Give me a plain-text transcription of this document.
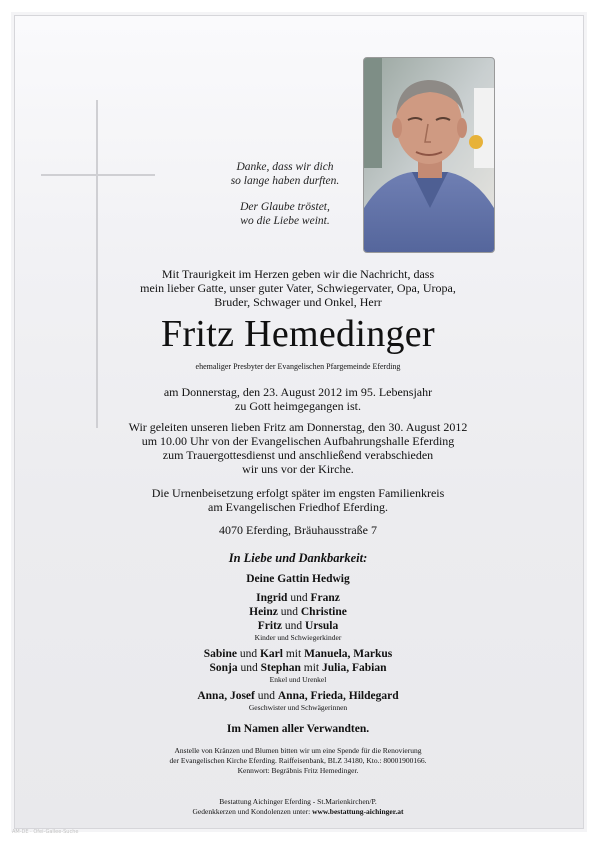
Danke, dass wir dich
so lange haben durften.
Der Glaube tröstet,
wo die Liebe weint.
Mit Traurigkeit im Herzen geben wir die Nachricht, dass
mein lieber Gatte, unser guter Vater, Schwiegervater, Opa, Uropa,
Bruder, Schwager und Onkel, Herr
Fritz Hemedinger
ehemaliger Presbyter der Evangelischen Pfargemeinde Eferding
am Donnerstag, den 23. August 2012 im 95. Lebensjahr
zu Gott heimgegangen ist.
Wir geleiten unseren lieben Fritz am Donnerstag, den 30. August 2012
um 10.00 Uhr von der Evangelischen Aufbahrungshalle Eferding
zum Trauergottesdienst und anschließend verabschieden
wir uns vor der Kirche.
Die Urnenbeisetzung erfolgt später im engsten Familienkreis
am Evangelischen Friedhof Eferding.
4070 Eferding, Bräuhausstraße 7
In Liebe und Dankbarkeit:
Deine Gattin Hedwig
Ingrid und Franz
Heinz und Christine
Fritz und Ursula
Kinder und Schwiegerkinder
Sabine und Karl mit Manuela, Markus
Sonja und Stephan mit Julia, Fabian
Enkel und Urenkel
Anna, Josef und Anna, Frieda, Hildegard
Geschwister und Schwägerinnen
Im Namen aller Verwandten.
Anstelle von Kränzen und Blumen bitten wir um eine Spende für die Renovierung
der Evangelischen Kirche Eferding. Raiffeisenbank, BLZ 34180, Kto.: 80001900166.
Kennwort: Begräbnis Fritz Hemedinger.
Bestattung Aichinger Eferding - St.Marienkirchen/P.
Gedenkkerzen und Kondolenzen unter: www.bestattung-aichinger.at
AM-DE · Ofei-Gallee-Suche
